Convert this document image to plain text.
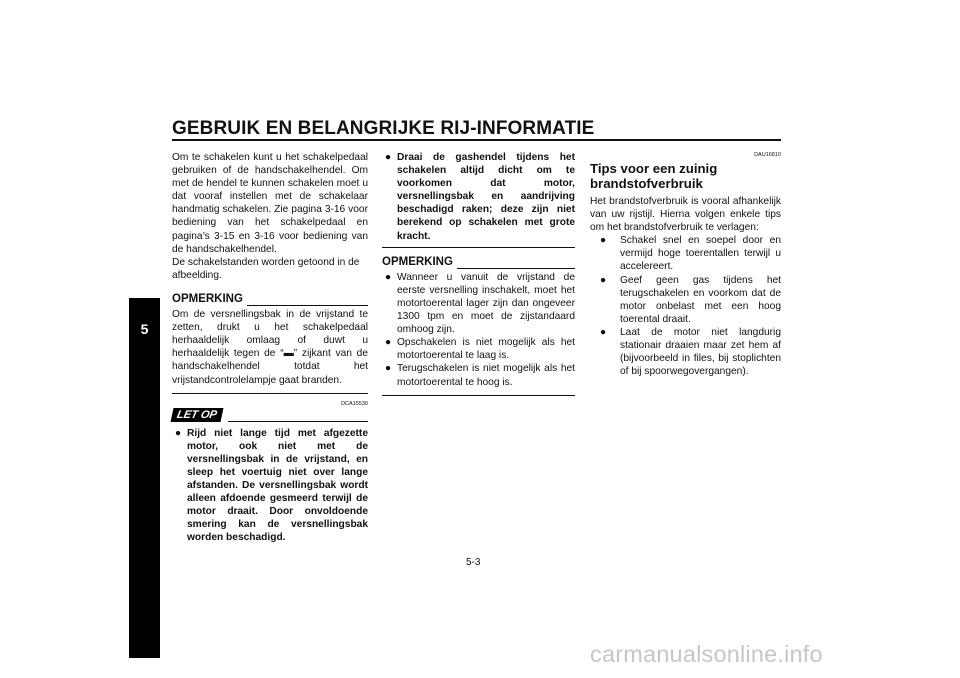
GEBRUIK EN BELANGRIJKE RIJ-INFORMATIE
5

Om te schakelen kunt u het schakelpedaal gebruiken of de handschakelhendel. Om met de hendel te kunnen schakelen moet u dat vooraf instellen met de schakelaar handmatig schakelen. Zie pagina 3-16 voor bediening van het schakelpedaal en pagina’s 3-15 en 3-16 voor bediening van de handschakelhendel.

De schakelstanden worden getoond in de afbeelding.

OPMERKING

Om de versnellingsbak in de vrijstand te zetten, drukt u het schakelpedaal herhaaldelijk omlaag of duwt u herhaaldelijk tegen de “▬” zijkant van de handschakelhendel totdat het vrijstandcontrolelampje gaat branden.

DCA15530
LET OP
● Rijd niet lange tijd met afgezette motor, ook niet met de versnellingsbak in de vrijstand, en sleep het voertuig niet over lange afstanden. De versnellingsbak wordt alleen afdoende gesmeerd terwijl de motor draait. Door onvoldoende smering kan de versnellingsbak worden beschadigd.
● Draai de gashendel tijdens het schakelen altijd dicht om te voorkomen dat motor, versnellingsbak en aandrijving beschadigd raken; deze zijn niet berekend op schakelen met grote kracht.
OPMERKING
● Wanneer u vanuit de vrijstand de eerste versnelling inschakelt, moet het motortoerental lager zijn dan ongeveer 1300 tpm en moet de zijstandaard omhoog zijn.
● Opschakelen is niet mogelijk als het motortoerental te laag is.
● Terugschakelen is niet mogelijk als het motortoerental te hoog is.
DAU16810
Tips voor een zuinig brandstofverbruik

Het brandstofverbruik is vooral afhankelijk van uw rijstijl. Hierna volgen enkele tips om het brandstofverbruik te verlagen:

●	Schakel snel en soepel door en vermijd hoge toerentallen terwijl u accelereert.
●	Geef geen gas tijdens het terugschakelen en voorkom dat de motor onbelast met een hoog toerental draait.
●	Laat de motor niet langdurig stationair draaien maar zet hem af (bijvoorbeeld in files, bij stoplichten of bij spoorwegovergangen).
5-3
carmanualsonline.info
